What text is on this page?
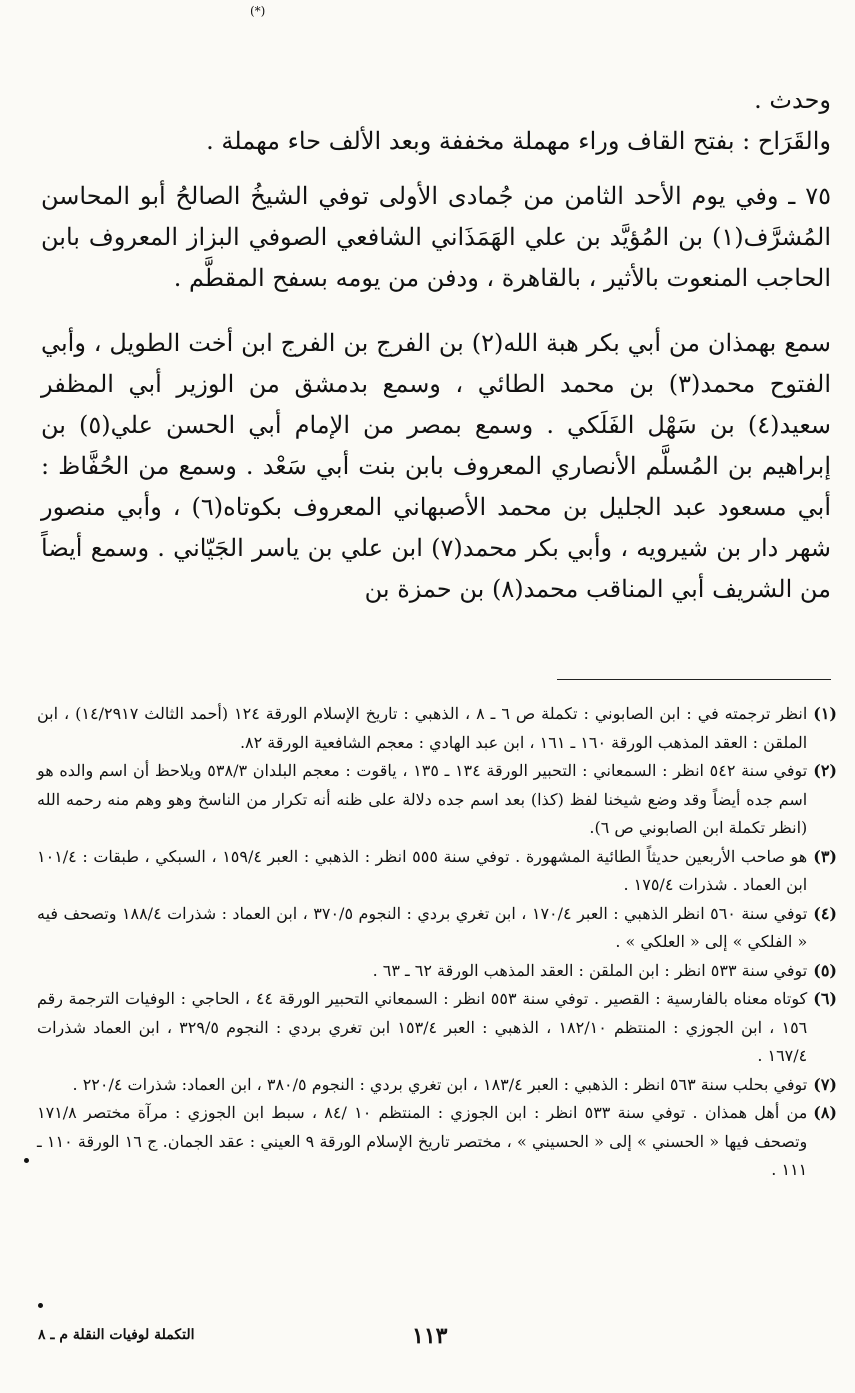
(*)

وحدث .

والقَرَاح : بفتح القاف وراء مهملة مخففة وبعد الألف حاء مهملة .

٧٥ ـ وفي يوم الأحد الثامن من جُمادى الأولى توفي الشيخُ الصالحُ أبو المحاسن المُشرَّف(١) بن المُؤيَّد بن علي الهَمَذَاني الشافعي الصوفي البزاز المعروف بابن الحاجب المنعوت بالأثير ، بالقاهرة ، ودفن من يومه بسفح المقطَّم .

سمع بهمذان من أبي بكر هبة الله(٢) بن الفرج بن الفرج ابن أخت الطويل ، وأبي الفتوح محمد(٣) بن محمد الطائي ، وسمع بدمشق من الوزير أبي المظفر سعيد(٤) بن سَهْل الفَلَكي . وسمع بمصر من الإمام أبي الحسن علي(٥) بن إبراهيم بن المُسلَّم الأنصاري المعروف بابن بنت أبي سَعْد . وسمع من الحُفَّاظ : أبي مسعود عبد الجليل بن محمد الأصبهاني المعروف بكوتاه(٦) ، وأبي منصور شهر دار بن شيرويه ، وأبي بكر محمد(٧) ابن علي بن ياسر الجَيّاني . وسمع أيضاً من الشريف أبي المناقب محمد(٨) بن حمزة بن

(١)
انظر ترجمته في : ابن الصابوني : تكملة ص ٦ ـ ٨ ، الذهبي : تاريخ الإسلام الورقة ١٢٤ (أحمد الثالث ١٤/٢٩١٧) ، ابن الملقن : العقد المذهب الورقة ١٦٠ ـ ١٦١ ، ابن عبد الهادي : معجم الشافعية الورقة ٨٢.
(٢)
توفي سنة ٥٤٢ انظر : السمعاني : التحبير الورقة ١٣٤ ـ ١٣٥ ، ياقوت : معجم البلدان ٥٣٨/٣ ويلاحظ أن اسم والده هو اسم جده أيضاً وقد وضع شيخنا لفظ (كذا) بعد اسم جده دلالة على ظنه أنه تكرار من الناسخ وهو وهم منه رحمه الله (انظر تكملة ابن الصابوني ص ٦).
(٣)
هو صاحب الأربعين حديثاً الطائية المشهورة . توفي سنة ٥٥٥ انظر : الذهبي : العبر ١٥٩/٤ ، السبكي ، طبقات : ١٠١/٤ ابن العماد . شذرات ١٧٥/٤ .
(٤)
توفي سنة ٥٦٠ انظر الذهبي : العبر ١٧٠/٤ ، ابن تغري بردي : النجوم ٣٧٠/٥ ، ابن العماد : شذرات ١٨٨/٤ وتصحف فيه « الفلكي » إلى « العلكي » .
(٥)
توفي سنة ٥٣٣ انظر : ابن الملقن : العقد المذهب الورقة ٦٢ ـ ٦٣ .
(٦)
كوتاه معناه بالفارسية : القصير . توفي سنة ٥٥٣ انظر : السمعاني التحبير الورقة ٤٤ ، الحاجي : الوفيات الترجمة رقم ١٥٦ ، ابن الجوزي : المنتظم ١٨٢/١٠ ، الذهبي : العبر ١٥٣/٤ ابن تغري بردي : النجوم ٣٢٩/٥ ، ابن العماد شذرات ١٦٧/٤ .
(٧)
توفي بحلب سنة ٥٦٣ انظر : الذهبي : العبر ١٨٣/٤ ، ابن تغري بردي : النجوم ٣٨٠/٥ ، ابن العماد: شذرات ٢٢٠/٤ .
(٨)
من أهل همذان . توفي سنة ٥٣٣ انظر : ابن الجوزي : المنتظم ١٠ /٨٤ ، سبط ابن الجوزي : مرآة مختصر ١٧١/٨ وتصحف فيها « الحسني » إلى « الحسيني » ، مختصر تاريخ الإسلام الورقة ٩ العيني : عقد الجمان. ج ١٦ الورقة ١١٠ ـ ١١١ .
١١٣
التكملة لوفيات النقلة م ـ ٨
